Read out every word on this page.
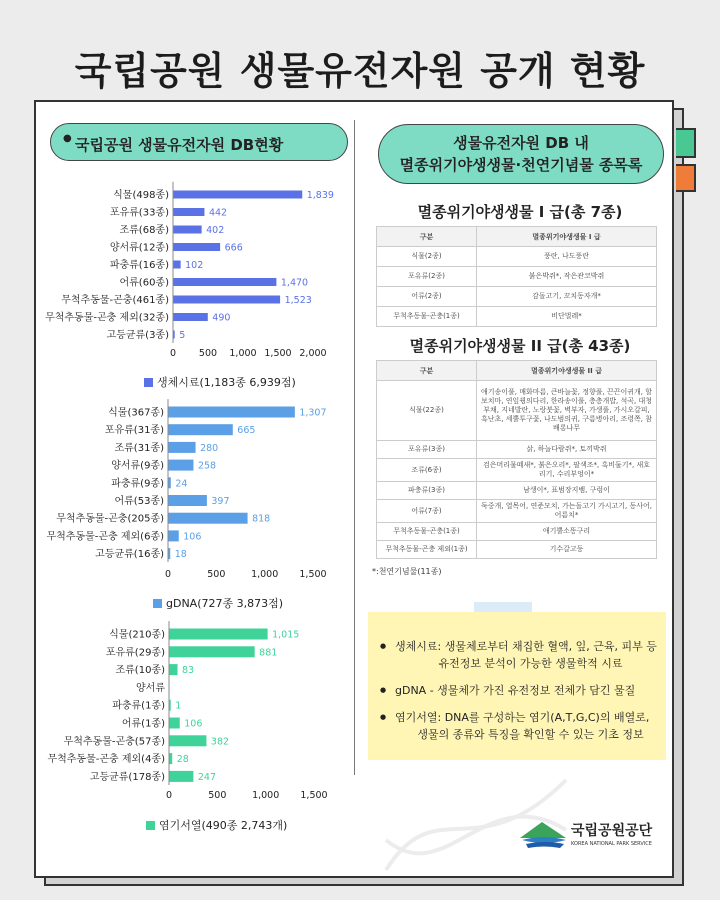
국립공원 생물유전자원 공개 현황
● 국립공원 생물유전자원 DB현황	생물유전자원 DB 내
멸종위기야생생물·천연기념물 종목록
식물(498종)	1,839
포유류(33종)	442
조류(68종)	402
양서류(12종)	666
파충류(16종) 102
어류(60종)	1,470
무척추동물-곤충(461종)	1,523
무척추동물-곤충 제외(32종)	490
고등균류(3종) 5
0 500 1,000 1,500 2,000
식물(367종)	1,307
포유류(31종)	665
조류(31종)	280
양서류(9종)	258
파충류(9종) 24
어류(53종)	397
무척추동물-곤충(205종)	818
무척추동물-곤충 제외(6종) 106
고등균류(16종) 18
0	500	1,000 1,500
식물(210종)	1,015
포유류(29종)	881
조류(10종) 83
양서류
파충류(1종) 1
어류(1종) 106
무척추동물-곤충(57종)	382
무척추동물-곤충 제외(4종) 28
고등균류(178종)	247
0	500	1,000 1,500
생체시료(1,183종 6,939점)
gDNA(727종 3,873점)
염기서열(490종 2,743개)
멸종위기야생생물 I 급(총 7종)
구분	멸종위기야생생물 I 급
식물(2종)	풍란, 나도풍란
포유류(2종)	붉은박쥐*, 작은관코박쥐
어류(2종)	감돌고기, 꼬치동자개*
무척추동물-곤충(1종)	비단벌레*
멸종위기야생생물 II 급(총 43종)
구분	멸종위기야생생물 II 급
식물(22종)	애기송이풀, 매화마름, 큰바늘꽃, 정향풀, 끈끈이귀개, 할보치마, 연잎꿩의다리, 한라송이풀, 층층개밥, 석곡, 대청부채, 지네발란, 노랑붓꽃, 벽부자, 가생풀, 가시오갈피, 흑난초, 세뿔투구꽃, 나도범의귀, 구름병아리, 조령쪽, 참배롱나무
포유류(3종)	삵, 하늘다람쥐*, 토끼박쥐
조류(6종)	검은머리물떼새*, 붉은오리*, 팔색조*, 흑비둘기*, 새호리기, 수리부엉이*
파충류(3종)	남생이*, 표범장지뱀, 구렁이
어류(7종)	둑중개, 열목어, 연준모치, 가는돌고기 가시고기, 동사어, 어름치*
무척추동물-곤충(1종)	애기뿔소똥구리
무척추동물-곤충 제외(1종)	기수갈고둥
*:천연기념물(11종)
● 생체시료: 생물체로부터 채집한 혈액, 잎, 근육, 피부 등
유전정보 분석이 가능한 생물학적 시료
● gDNA - 생물체가 가진 유전정보 전체가 담긴 물질
● 염기서열: DNA를 구성하는 염기(A,T,G,C)의 배열로,
생물의 종류와 특징을 확인할 수 있는 기초 정보
국립공원공단
KOREA NATIONAL PARK SERVICE
